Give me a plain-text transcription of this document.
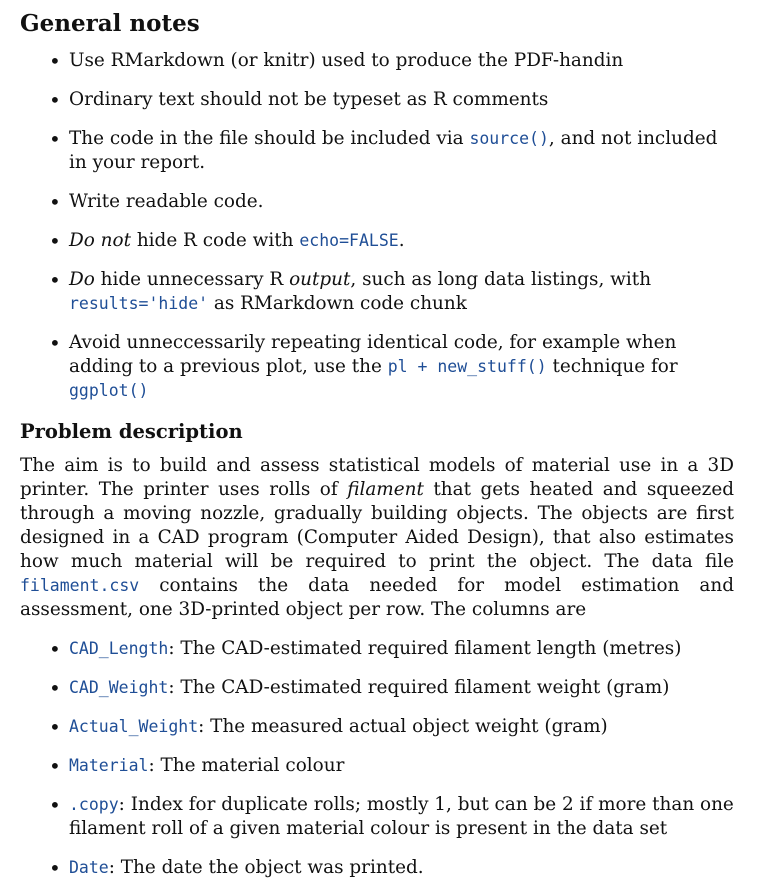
General notes
• Use RMarkdown (or knitr) used to produce the PDF-handin
• Ordinary text should not be typeset as R comments
• The code in the file should be included via source(), and not included in your report.
• Write readable code.
• Do not hide R code with echo=FALSE.
• Do hide unnecessary R output, such as long data listings, with results='hide' as RMarkdown code chunk
• Avoid unneccessarily repeating identical code, for example when adding to a previous plot, use the pl + new_stuff() technique for ggplot()
Problem description

The aim is to build and assess statistical models of material use in a 3D printer. The printer uses rolls of filament that gets heated and squeezed through a moving nozzle, gradually building objects. The objects are first designed in a CAD program (Computer Aided Design), that also estimates how much material will be required to print the object. The data file filament.csv contains the data needed for model estimation and assessment, one 3D-printed object per row. The columns are

• CAD_Length: The CAD-estimated required filament length (metres)
• CAD_Weight: The CAD-estimated required filament weight (gram)
• Actual_Weight: The measured actual object weight (gram)
• Material: The material colour
• .copy: Index for duplicate rolls; mostly 1, but can be 2 if more than one filament roll of a given material colour is present in the data set
• Date: The date the object was printed.
